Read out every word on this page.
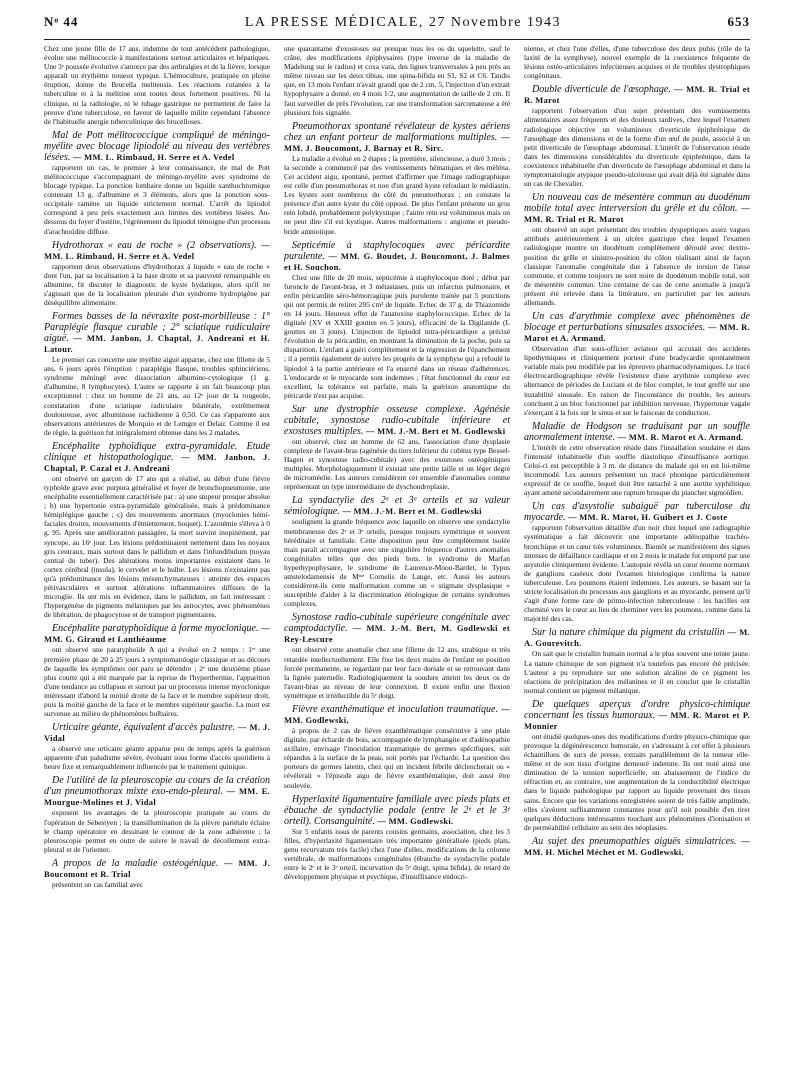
Nᵒ 44	LA PRESSE MÉDICALE, 27 Novembre 1943	653

Chez une jeune fille de 17 ans, indemne de tout antécédent pathologique, évolue une mélitococcie à manifestations surtout articulaires et hépatiques. Une 3ᵉ poussée évolutive s'amorce par des arthralgies et de la fièvre, lorsque apparaît un érythème noueux typique. L'hémoculture, pratiquée en pleine éruption, donne du Brucella melitensis. Les réactions cutanées à la tuberculine et à la mélitine sont toutes deux fortement positives. Ni la clinique, ni la radiologie, ni le tubage gastrique ne permettent de faire la preuve d'une tuberculose, en faveur de laquelle milite cependant l'absence de l'habituelle anergie tuberculinique des brucelloses.

Mal de Pott mélitococcique compliqué de méningo-myélite avec blocage lipiodolé au niveau des vertèbres lésées. — MM. L. Rimbaud, H. Serre et A. Vedel

rapportent un cas, le premier à leur connaissance, de mal de Pott mélitococcique s'accompagnant de méningo-myélite avec syndrome de blocage typique. La ponction lombaire donne un liquide xanthochromique contenant 13 g. d'albumine et 3 éléments, alors que la ponction sous-occipitale ramène un liquide strictement normal. L'arrêt du lipiodol correspond à peu près exactement aux limites des vertèbres lésées. Au-dessous du foyer d'ostéite, l'égrènement du lipiodol témoigne d'un processus d'arachnoïdite diffuse.

Hydrothorax « eau de roche » (2 observations). — MM. L. Rimbaud, H. Serre et A. Vedel

rapportent deux observations d'hydrothorax à liquide « eau de roche » dont l'un, par sa localisation à la base droite et sa pauvreté remarquable en albumine, fit discuter le diagnostic de kyste hydatique, alors qu'il ne s'agissait que de la localisation pleurale d'un syndrome hydropigène par déséquilibre alimentaire.

Formes basses de la névraxite post-morbilleuse : 1° Paraplégie flasque curable ; 2° sciatique radiculaire aiguë. — MM. Janbon, J. Chaptal, J. Andreani et H. Latour.

Le premier cas concerne une myélite aiguë apparue, chez une fillette de 5 ans, 6 jours après l'éruption : paraplégie flasque, troubles sphinctériens, syndrome méningé avec dissociation albumino-cytologique (1 g. d'albumine, 8 lymphocytes). L'autre se rapporte à un fait beaucoup plus exceptionnel : chez un homme de 21 ans, au 12ᵉ jour de la rougeole, constatation d'une sciatique radiculaire bilatérale, extrêmement douloureuse, avec albuminose rachidienne à 0,50. Ce cas s'apparente aux observations antérieures de Morquio et de Lemgre et Delair. Comme il est de règle, la guérison fut intégralement obtenue dans les 2 malades.

Encéphalite typhoïdique extra-pyramidale. Etude clinique et histopathologique. — MM. Janbon, J. Chaptal, P. Cazal et J. Andreani

ont observé un garçon de 17 ans qui a réalisé, au début d'une fièvre typhoïde grave avec purpura généralisé et foyer de bronchopneumonie, une encéphalite essentiellement caractérisée par : a) une stupeur presque absolue ; b) une hypertonie extra-pyramidale généralisée, mais à prédominance hémiplégique gauche ; c) des mouvements anormaux (myoclonies hémi-faciales droites, mouvements d'émiettement, hoquet). L'azotémie s'éleva à 0 g. 95. Après une amélioration passagère, la mort survint inopinément, par syncope, au 16ᵉ jour. Les lésions prédominaient nettement dans les noyaux gris centraux, mais surtout dans le pallidum et dans l'infundibulum (noyau central du tuber). Des altérations moins importantes existaient dans le cortex cérébral (insula), le cervelet et le bulbe. Les lésions n'existaient pas qu'à prédominance des lésions mésenchymateuses : atteinte des espaces périvasculaires et surtout altérations inflammatoires diffuses de la microglie. Ils ont mis en évidence, dans le pallidum, un fait intéressant : l'hypergénèse de pigments mélaniques par les astrocytes, avec phénomènes de libération, de phagocytose et de transport pigmentaires.

Encéphalite paratyphoïdique à forme myoclonique. — MM. G. Giraud et Lanthéaume

ont observé une paratyphoïde A qui a évolué en 2 temps : 1ʳᵉ une première phase de 20 à 25 jours à symptomatologie classique et au décours de laquelle les symptômes ont paru se détendre ; 2ᵉ une deuxième phase plus courte qui a été marquée par la reprise de l'hyperthermie, l'apparition d'une tendance au collapsus et surtout par un processus intense myoclonique intéressant d'abord la moitié droite de la face et le membre supérieur droit, puis la moitié gauche de la face et le membre supérieur gauche. La mort est survenue au milieu de phénomènes bulbaires.

Urticaire géante, équivalent d'accès palustre. — M. J. Vidal

a observé une urticaire géante apparue peu de temps après la guérison apparente d'un paludisme sévère, évoluant sous forme d'accès quotidiens à heure fixe et remarquablement influencée par le traitement quinique.

De l'utilité de la pleuroscopie au cours de la création d'un pneumothorax mixte exo-endo-pleural. — MM. E. Mourgue-Molines et J. Vidal

exposent les avantages de la pleuroscopie pratiquée au cours de l'opération de Sebestyen ; la transillumination de la plèvre pariétale éclaire le champ opératoire en dessinant le contour de la zone adhérente ; la pleuroscopie permet en outre de suivre le travail de décollement extra-pleural et de l'orienter.

A propos de la maladie ostéogénique. — MM. J. Boucomont et R. Trial

présentent un cas familial avec

une quarantaine d'exostoses sur presque tous les os du squelette, sauf le crâne, des modifications épiphysaires (type inverse de la maladie de Madelung sur le radius) et coxa vara, des lignes transversales à peu près au même niveau sur les deux tibias, une spina-bifida en S1, S2 et C6. Tandis que, en 13 mois l'enfant n'avait grandi que de 2 cm. 5, l'injection d'un extrait hypophysaire a donné, en 4 mois 1/2, une augmentation de taille de 2 cm. Il faut surveiller de près l'évolution, car une transformation sarcomateuse a été plusieurs fois signalée.

Pneumothorax spontané révélateur de kystes aériens chez un enfant porteur de malformations multiples. — MM. J. Boucomont, J. Barnay et R. Sirc.

La maladie a évolué en 2 étapes ; la première, silencieuse, a duré 3 mois ; la seconde a commencé par des vomissements hématiques et des méléna. Cet accident aigu, spontané, permet d'affirmer que l'image radiographique est celle d'un pneumothorax et non d'un grand kyste refoulant le médiastin. Les kystes sont nombreux du côté du pneumothorax ; on constate la présence d'un autre kyste du côté opposé. De plus l'enfant présente un gros rein lobulé, probablement polykystique ; l'autre rein est volumineux mais on ne peut dire s'il est kystique. Autres malformations : angiome et pseudo-bride amniotique.

Septicémie à staphylocoques avec péricardite purulente. — MM. G. Boudet, J. Boucomont, J. Balmes et H. Souchon.

Chez une fille de 20 mois, septicémie à staphylocoque doré ; début par furoncle de l'avant-bras, et 3 métastases, puis un infarctus pulmonaire, et enfin péricardite séro-hémorragique puis purulente traitée par 5 ponctions qui ont permis de retirer 295 cm³ de liquide. Echec de 37 g. de Thiazomide en 14 jours. Heureux effet de l'anatoxine staphylococcique. Echec de la digitale (XV et XXIII gouttes en 5 jours), efficacité de la Digilanide (L gouttes en 3 jours). L'injection de lipiodol intra-péricardique a précisé l'évolution de la péricardite, en montrant la diminution de la poche, puis sa disparition. L'enfant a guéri complètement et la régression de l'épanchement ; il a permis également de suivre les progrès de la symphyse qui a refoulé le lipiodol à la partie antérieure et l'a enserré dans un réseau d'adhérences. L'endocarde et le myocarde sont indemnes ; l'état fonctionnel du cœur est excellent, la tolérance est parfaite, mais la guérison anatomique du péricarde n'est pas acquise.

Sur une dystrophie osseuse complexe. Agénésie cubitale, synostose radio-cubitale inférieure et exostoses multiples. — MM. J.-M. Bert et M. Godlewski

ont observé, chez un homme de 62 ans, l'association d'une dysplasie complexe de l'avant-bras (agénésie du tiers inférieur du cubitus type Bessel-Hagen et synostose radio-cubitale) avec des exostoses ostéogéniques multiples. Morphologiquement il existait une petite taille et un léger degré de microméelie. Les auteurs considèrent cet ensemble d'anomalies comme représentant un type intermédiaire de dyschondroplasie.

La syndactylie des 2ᵉ et 3ᵉ orteils et sa valeur sémiologique. — MM. J.-M. Bert et M. Godlewski

soulignent la grande fréquence avec laquelle on observe une syndactylie membraneuse des 2ᵉ et 3ᵉ orteils, presque toujours symétrique et souvent héréditaire et familiale. Cette disposition peut être complètement isolée mais paraît accompagner avec une singulière fréquence d'autres anomalies congénitales telles que des pieds bots, le syndrome de Marfan hyperhypophysaire, le syndrome de Laurence-Moon-Bardet, le Typus amstelodamensis de Mᵐᵉ Cornelis de Lange, etc. Aussi les auteurs considèrent-ils cette malformation comme un « stigmate dysplasique » susceptible d'aider à la discrimination étiologique de certains syndromes complexes.

Synostose radio-cubitale supérieure congénitale avec camptodactylie. — MM. J.-M. Bert, M. Godlewski et Rey-Lescure

ont observé cette anomalie chez une fillette de 12 ans, strabique et très retardée intellectuellement. Elle fixe les deux mains de l'enfant en position forcée permanente, se regardant par leur face dorsale et se retrouvant dans la lignée paternelle. Radiologiquement la soudure atteint les deux os de l'avant-bras au niveau de leur connexion. Il existe enfin une flexion symétrique et irréductible du 5ᵉ doigt.

Fièvre exanthématique et inoculation traumatique. — MM. Godlewski,

à propos de 2 cas de fièvre exanthématique consécutive à une plaie digitale, par écharde de bois, accompagnée de lymphangite et d'adénopathie axillaire, envisage l'inoculation traumatique de germes spécifiques, soit répandus à la surface de la peau, soit portés par l'écharde. La question des porteurs de germes latents, chez qui un incident fébrile déclencherait ou « révélerait » l'épisode aigu de fièvre exanthématique, doit aussi être soulevée.

Hyperlaxité ligamentaire familiale avec pieds plats et ébauche de syndactylie podale (entre le 2ᵉ et le 3ᵉ orteil). Consanguinité. — MM. Godlewski.

Sur 5 enfants issus de parents cousins germains, association, chez les 3 filles, d'hyperlaxité ligamentaire très importante généralisée (pieds plats, genu recurvatum très facile) chez l'une d'elles, modifications de la colonne vertébrale, de malformations congénitales (ébauche de syndactylie podale entre le 2ᵉ et le 3ᵉ orteil, incurvation du 5ᵉ doigt, spina bifida), de retard de développement physique et psychique, d'insuffisance endocri-

nienne, et chez l'une d'elles, d'une tuberculose des deux pubis (rôle de la laxité de la symphyse), nouvel exemple de la coexistence fréquente de lésions ostéo-articulaires infectieuses acquises et de troubles dystrophiques congénitaux.

Double diverticule de l'œsophage. — MM. R. Trial et R. Marot

rapportent l'observation d'un sujet présentant des vomissements alimentaires assez fréquents et des douleurs tardives, chez lequel l'examen radiologique objective un volumineux diverticule épiphrénique de l'œsophage des dimensions et de la forme d'un œuf de poule, associé à un petit diverticule de l'œsophage abdominal. L'intérêt de l'observation réside dans les dimensions considérables du diverticule épiphrénique, dans la coexistence inhabituelle d'un diverticule de l'œsophage abdominal et dans la symptomatologie atypique pseudo-ulcéreuse qui avait déjà été signalée dans un cas de Chevalier.

Un nouveau cas de mésentère commun au duodénum mobile total avec interversion du grêle et du côlon. — MM. R. Trial et R. Marot

ont observé un sujet présentant des troubles dyspeptiques assez vagues attribués antérieurement à un ulcère gastrique chez lequel l'examen radiologique montre un duodénum complètement déroulé avec dextro-position du grêle et sinistro-position du côlon réalisant ainsi de façon classique l'anomalie congénitale due à l'absence de torsion de l'anse commune, et comme toujours ne sont noire de duodénum mobile total, soit de mésentère commun. Une centaine de cas de cette anomalie à jusqu'à présent été relevée dans la littérature, en particulier par les auteurs allemands.

Un cas d'arythmie complexe avec phénomènes de blocage et perturbations sinusales associées. — MM. R. Marot et A. Armand.

Observation d'un sous-officier aviateur qui accusait des accidents lipothymiques et cliniquement porteur d'une bradycardie spontanément variable mais peu modifiée par les épreuves pharmacodynamiques. Le tracé électrocardiographique révèle l'existence d'une arythmie complexe avec alternance de périodes de Luciani et de bloc complet, le tout greffé sur une instabilité sinusale. En raison de l'inconstance du trouble, les auteurs concluent à un bloc fonctionnel par inhibition nerveuse, l'hypertonie vagale s'exerçant à la fois sur le sinus et sur le faisceau de conduction.

Maladie de Hodgson se traduisant par un souffle anormalement intense. — MM. R. Marot et A. Armand.

L'intérêt de cette observation réside dans l'installation soudaine et dans l'intensité inhabituelle d'un souffle diastolique d'insuffisance aortique. Celui-ci est perceptible à 3 m. de distance du malade qui en est lui-même incommodé. Les auteurs présentent un tracé phonique particulièrement expressif de ce souffle, lequel doit être rattaché à une aortite syphilitique ayant amené secondairement une rupture brusque du plancher sigmoïdien.

Un cas d'asystolie subaiguë par tuberculose du myocarde. — MM. R. Marot, H. Guibert et J. Coste

rapportent l'observation détaillée d'un noir chez lequel une radiographie systématique a fait découvrir une importante adénopathie trachéo-bronchique et un cœur très volumineux. Bientôt se manifestèrent des signes intenses de défaillance cardiaque et en 2 mois le malade fut emporté par une asystolie cliniquement évidente. L'autopsie révéla un cœur énorme normaux de ganglions caséeux dont l'examen histologique confirma la nature tuberculeuse. Les poumons étaient indemnes. Les auteurs, se basant sur la stricte localisation du processus aux ganglions et au myocarde, pensent qu'il s'agit d'une forme rare de primo-infection tuberculeuse : les bacilles ont cheminé vers le cœur au lieu de cheminer vers les poumons, comme dans la majorité des cas.

Sur la nature chimique du pigment du cristallin — M. A. Gourevitch.

On sait que le cristallin humain normal a le plus souvent une teinte jaune. La nature chimique de son pigment n'a toutefois pas encore été précisée. L'auteur a pu reproduire sur une solution alcaline de ce pigment les réactions de précipitation des mélanines et il en conclut que le cristallin normal contient un pigment mélanique.

De quelques aperçus d'ordre physico-chimique concernant les tissus humoraux. — MM. R. Marot et P. Monnier

ont étudié quelques-unes des modifications d'ordre physico-chimique que provoque la dégénérescence humorale, en s'adressant à cet effet à plusieurs échantillons de sucs de presse, extraits parallèlement de la tumeur elle-même et de son tissu d'origine demeuré indemne. Ils ont noté ainsi une diminution de la tension superficielle, un abaissement de l'indice de réfraction et, au contraire, une augmentation de la conductibilité électrique dans le liquide pathologique par rapport au liquide provenant des tissus sains. Encore que les variations enregistrées soient de très faible amplitude, elles s'avèrent suffisamment constantes pour qu'il soit possible d'en tirer quelques déductions intéressantes touchant aux phénomènes d'ionisation et de perméabilité cellulaire au sein des néoplasies.

Au sujet des pneumopathies aiguës simulatrices. — MM. H. Michel Méchet et M. Godlewski.
